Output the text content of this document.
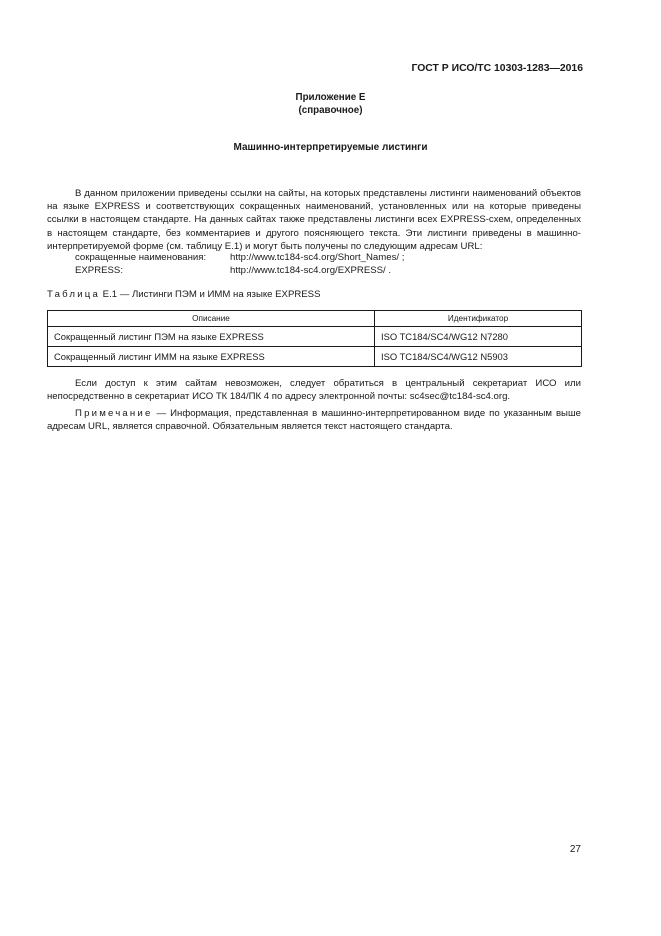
ГОСТ Р ИСО/ТС 10303-1283—2016
Приложение Е
(справочное)
Машинно-интерпретируемые листинги

В данном приложении приведены ссылки на сайты, на которых представлены листинги наименований объектов на языке EXPRESS и соответствующих сокращенных наименований, установленных или на которые приведены ссылки в настоящем стандарте. На данных сайтах также представлены листинги всех EXPRESS-схем, определенных в настоящем стандарте, без комментариев и другого поясняющего текста. Эти листинги приведены в машинно-интерпретируемой форме (см. таблицу Е.1) и могут быть получены по следующим адресам URL:

сокращенные наименования:	http://www.tc184-sc4.org/Short_Names/ ;
EXPRESS:	http://www.tc184-sc4.org/EXPRESS/ .
Таблица Е.1 — Листинги ПЭМ и ИММ на языке EXPRESS
Описание	Идентификатор
Сокращенный листинг ПЭМ на языке EXPRESS	ISO TC184/SC4/WG12 N7280
Сокращенный листинг ИММ на языке EXPRESS	ISO TC184/SC4/WG12 N5903

Если доступ к этим сайтам невозможен, следует обратиться в центральный секретариат ИСО или непосредственно в секретариат ИСО ТК 184/ПК 4 по адресу электронной почты: sc4sec@tc184-sc4.org.

Примечание — Информация, представленная в машинно-интерпретированном виде по указанным выше адресам URL, является справочной. Обязательным является текст настоящего стандарта.

27
